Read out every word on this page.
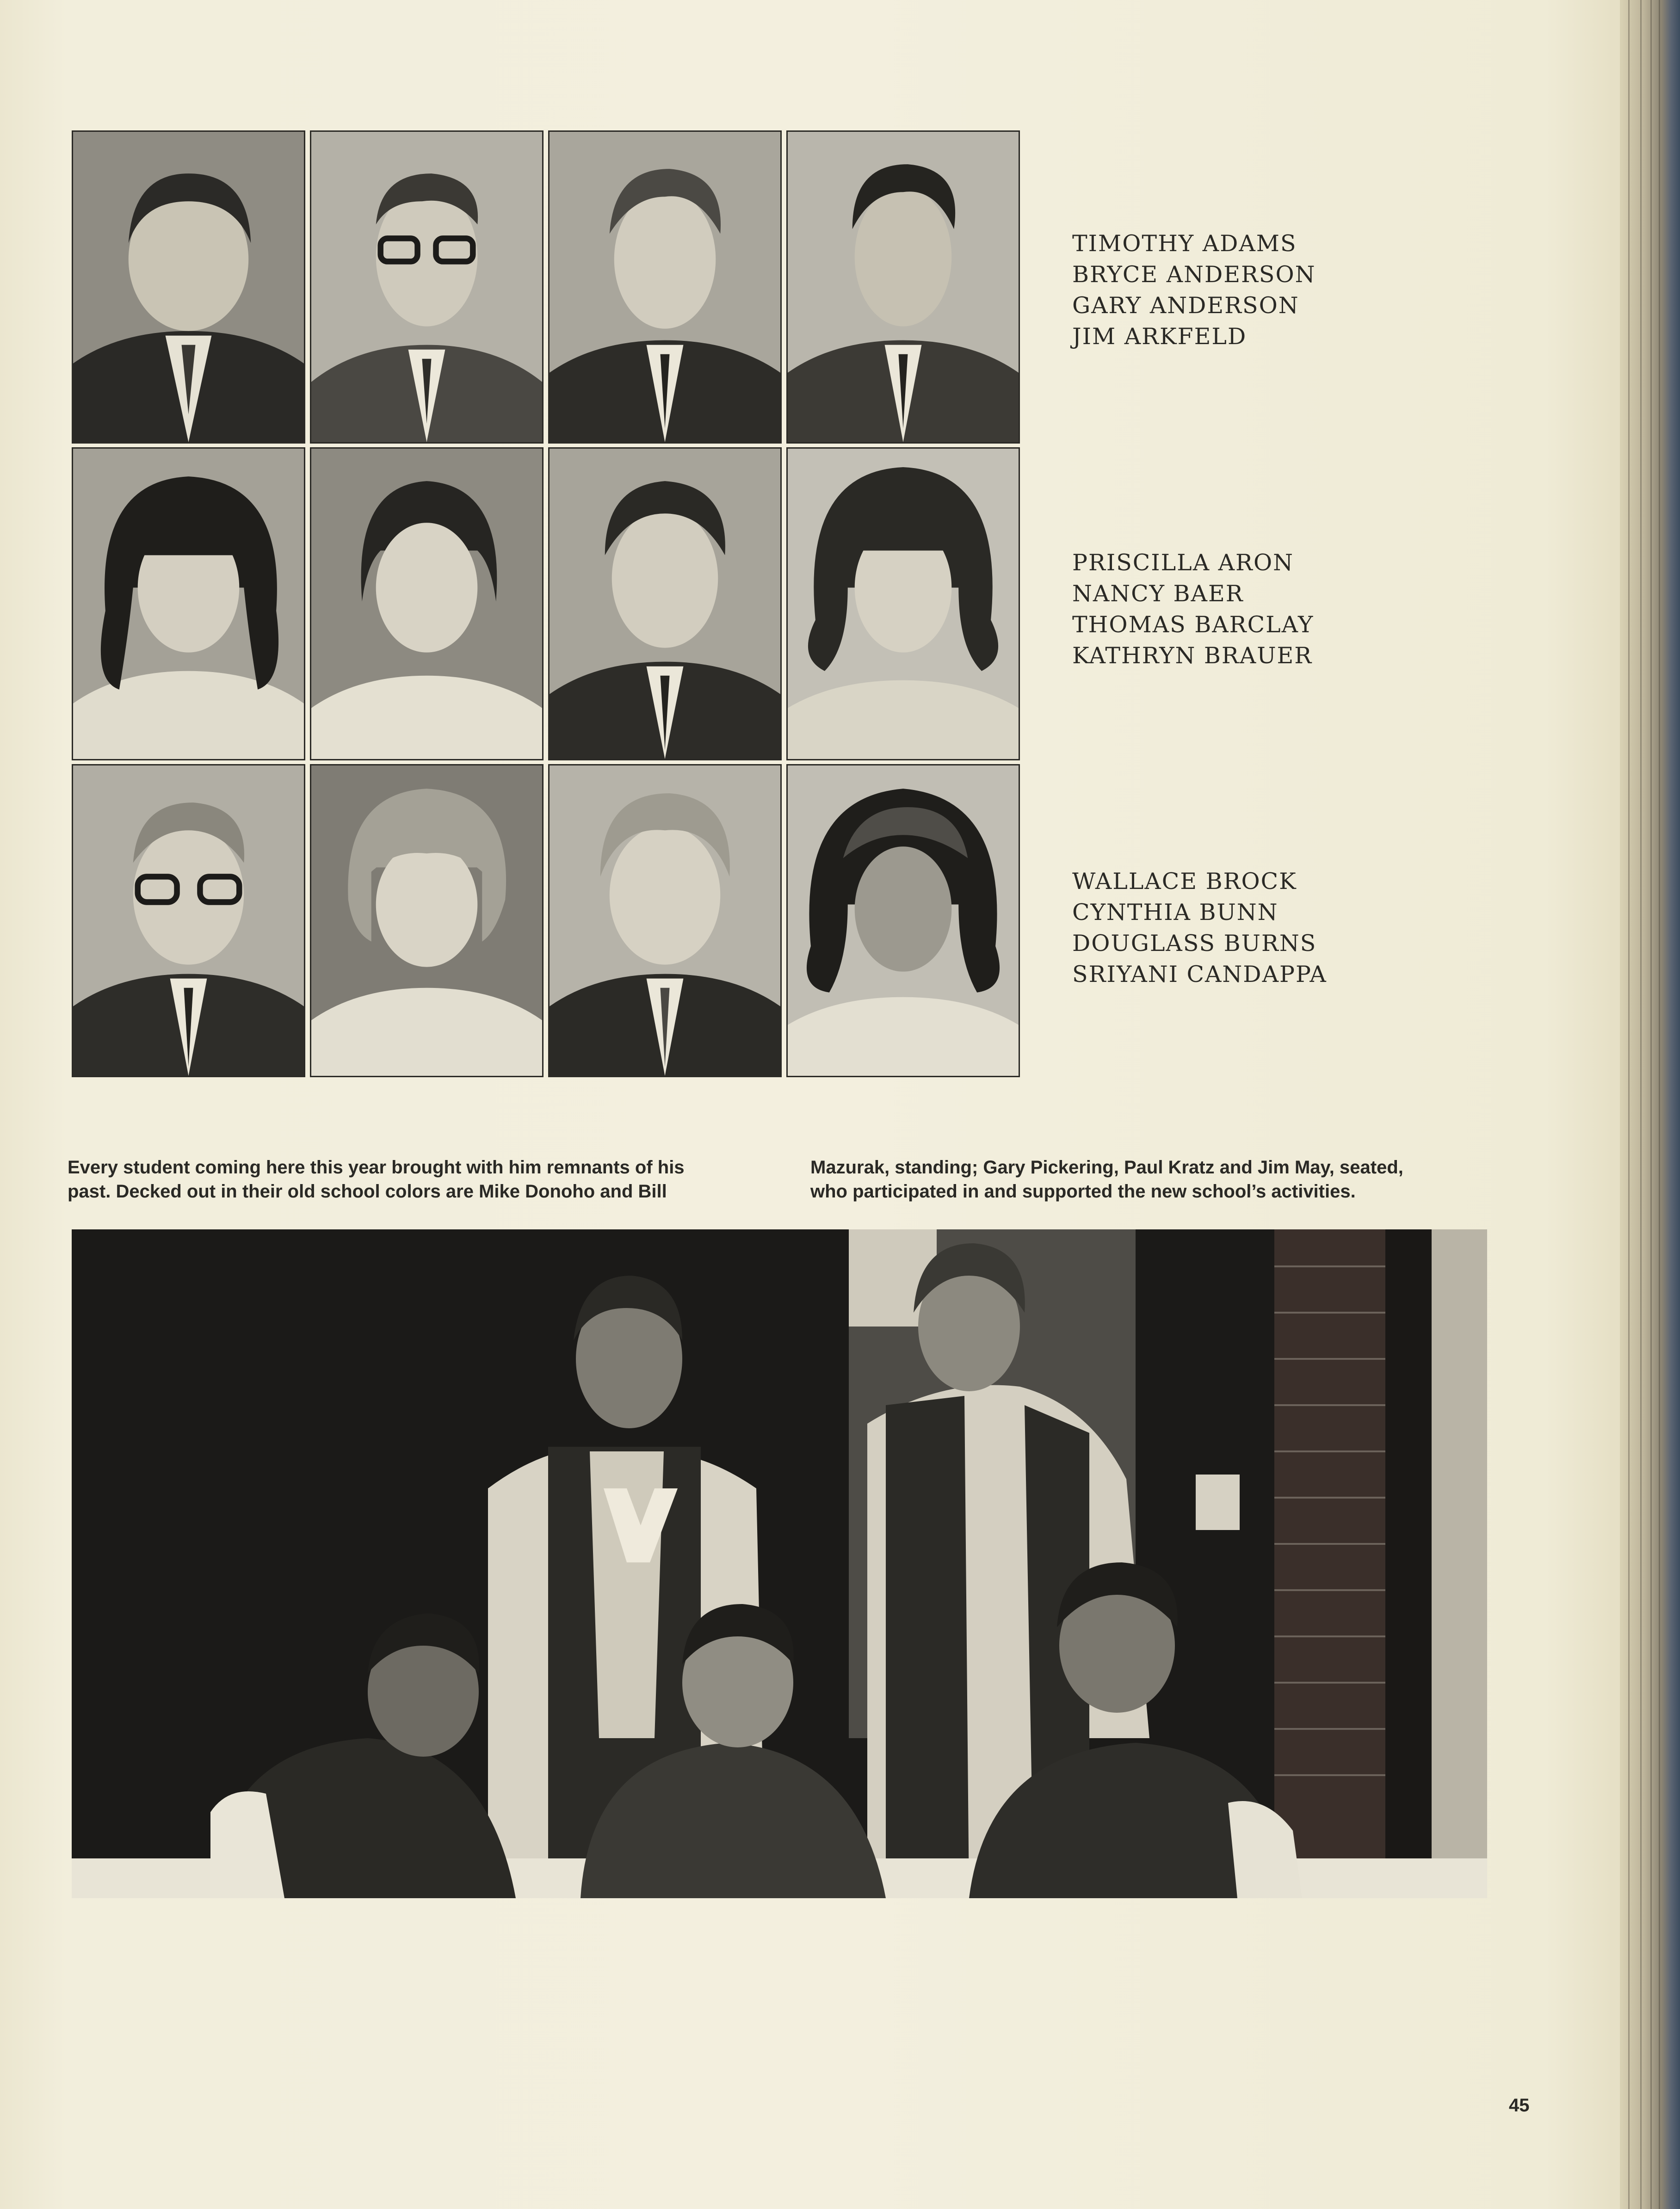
TIMOTHY ADAMS
BRYCE ANDERSON
GARY ANDERSON
JIM ARKFELD
PRISCILLA ARON
NANCY BAER
THOMAS BARCLAY
KATHRYN BRAUER
WALLACE BROCK
CYNTHIA BUNN
DOUGLASS BURNS
SRIYANI CANDAPPA
Every student coming here this year brought with him remnants of his
past. Decked out in their old school colors are Mike Donoho and Bill
Mazurak, standing; Gary Pickering, Paul Kratz and Jim May, seated,
who participated in and supported the new school’s activities.
45
